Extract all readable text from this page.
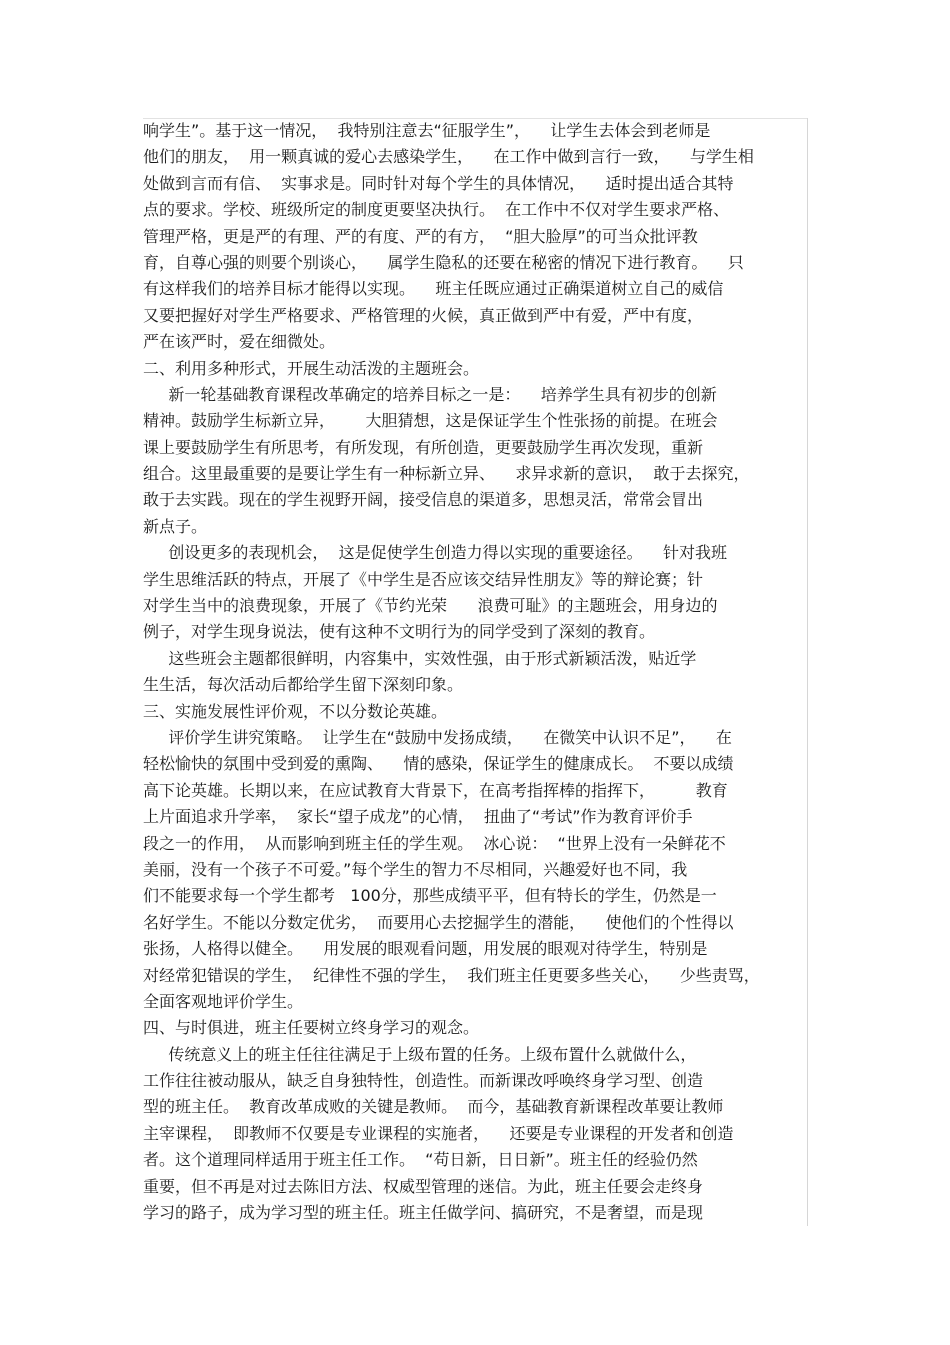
响学生”。基于这一情况，  我特别注意去“征服学生”，    让学生去体会到老师是
他们的朋友，  用一颗真诚的爱心去感染学生，    在工作中做到言行一致，    与学生相
处做到言而有信、  实事求是。同时针对每个学生的具体情况，    适时提出适合其特
点的要求。学校、班级所定的制度更要坚决执行。  在工作中不仅对学生要求严格、
管理严格，更是严的有理、严的有度、严的有方，  “胆大脸厚”的可当众批评教
育，自尊心强的则要个别谈心，    属学生隐私的还要在秘密的情况下进行教育。    只
有这样我们的培养目标才能得以实现。    班主任既应通过正确渠道树立自己的威信
又要把握好对学生严格要求、严格管理的火候，真正做到严中有爱，严中有度，
严在该严时，爱在细微处。
二、利用多种形式，开展生动活泼的主题班会。
新一轮基础教育课程改革确定的培养目标之一是：    培养学生具有初步的创新
精神。鼓励学生标新立异，      大胆猜想，这是保证学生个性张扬的前提。在班会
课上要鼓励学生有所思考，有所发现，有所创造，更要鼓励学生再次发现，重新
组合。这里最重要的是要让学生有一种标新立异、    求异求新的意识，  敢于去探究，
敢于去实践。现在的学生视野开阔，接受信息的渠道多，思想灵活，常常会冒出
新点子。
创设更多的表现机会，  这是促使学生创造力得以实现的重要途径。    针对我班
学生思维活跃的特点，开展了《中学生是否应该交结异性朋友》等的辩论赛；针
对学生当中的浪费现象，开展了《节约光荣      浪费可耻》的主题班会，用身边的
例子，对学生现身说法，使有这种不文明行为的同学受到了深刻的教育。
这些班会主题都很鲜明，内容集中，实效性强，由于形式新颖活泼，贴近学
生生活，每次活动后都给学生留下深刻印象。
三、实施发展性评价观，不以分数论英雄。
评价学生讲究策略。  让学生在“鼓励中发扬成绩，    在微笑中认识不足”，    在
轻松愉快的氛围中受到爱的熏陶、    情的感染，保证学生的健康成长。  不要以成绩
高下论英雄。长期以来，在应试教育大背景下，在高考指挥棒的指挥下，        教育
上片面追求升学率，  家长“望子成龙”的心情，  扭曲了“考试”作为教育评价手
段之一的作用，  从而影响到班主任的学生观。  冰心说：  “世界上没有一朵鲜花不
美丽，没有一个孩子不可爱。”每个学生的智力不尽相同，兴趣爱好也不同，我
们不能要求每一个学生都考   100分，那些成绩平平，但有特长的学生，仍然是一
名好学生。不能以分数定优劣，  而要用心去挖掘学生的潜能，    使他们的个性得以
张扬，人格得以健全。    用发展的眼观看问题，用发展的眼观对待学生，特别是
对经常犯错误的学生，  纪律性不强的学生，  我们班主任更要多些关心，    少些责骂，
全面客观地评价学生。
四、与时俱进，班主任要树立终身学习的观念。
传统意义上的班主任往往满足于上级布置的任务。上级布置什么就做什么，
工作往往被动服从，缺乏自身独特性，创造性。而新课改呼唤终身学习型、创造
型的班主任。  教育改革成败的关键是教师。  而今，基础教育新课程改革要让教师
主宰课程，  即教师不仅要是专业课程的实施者，    还要是专业课程的开发者和创造
者。这个道理同样适用于班主任工作。  “苟日新，日日新”。班主任的经验仍然
重要，但不再是对过去陈旧方法、权威型管理的迷信。为此，班主任要会走终身
学习的路子，成为学习型的班主任。班主任做学问、搞研究，不是奢望，而是现
